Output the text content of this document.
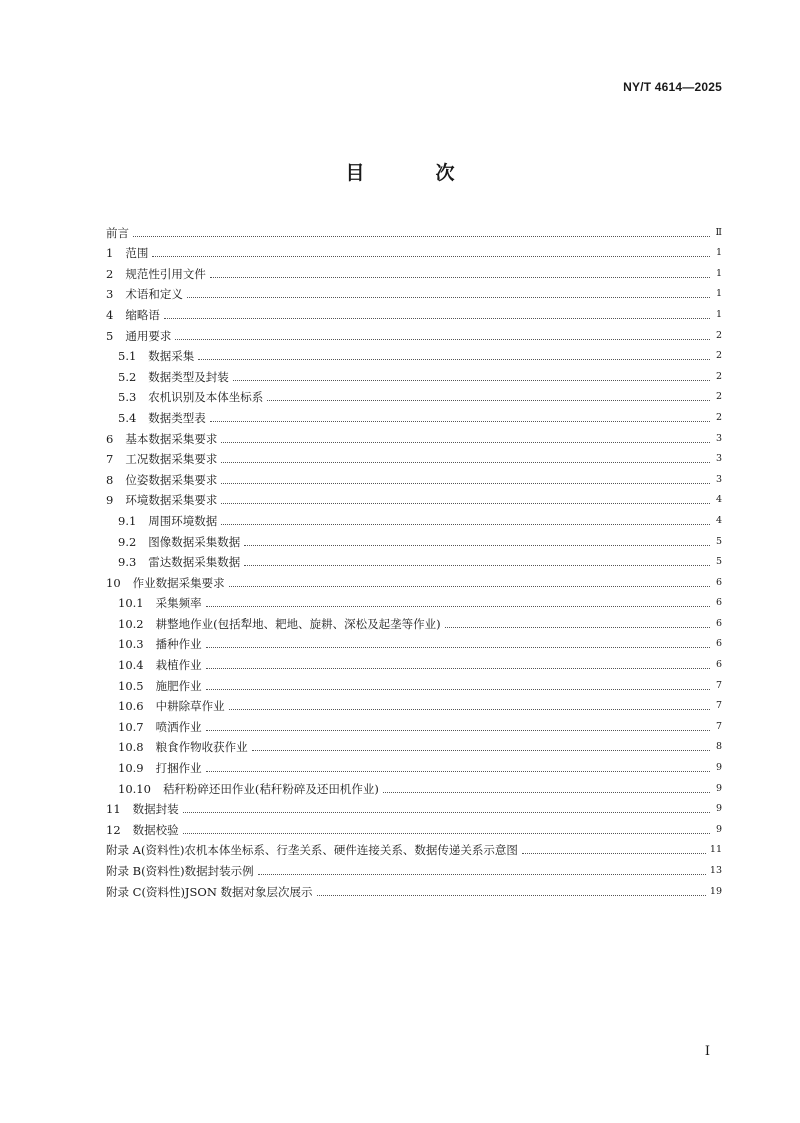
NY/T 4614—2025
目　次
前言	Ⅱ
1 范围	1
2 规范性引用文件	1
3 术语和定义	1
4 缩略语	1
5 通用要求	2
5.1 数据采集	2
5.2 数据类型及封装	2
5.3 农机识别及本体坐标系	2
5.4 数据类型表	2
6 基本数据采集要求	3
7 工况数据采集要求	3
8 位姿数据采集要求	3
9 环境数据采集要求	4
9.1 周围环境数据	4
9.2 图像数据采集数据	5
9.3 雷达数据采集数据	5
10 作业数据采集要求	6
10.1 采集频率	6
10.2 耕整地作业(包括犁地、耙地、旋耕、深松及起垄等作业)	6
10.3 播种作业	6
10.4 栽植作业	6
10.5 施肥作业	7
10.6 中耕除草作业	7
10.7 喷洒作业	7
10.8 粮食作物收获作业	8
10.9 打捆作业	9
10.10 秸秆粉碎还田作业(秸秆粉碎及还田机作业)	9
11 数据封装	9
12 数据校验	9
附录 A(资料性)农机本体坐标系、行垄关系、硬件连接关系、数据传递关系示意图	11
附录 B(资料性)数据封装示例	13
附录 C(资料性)JSON 数据对象层次展示	19
I
